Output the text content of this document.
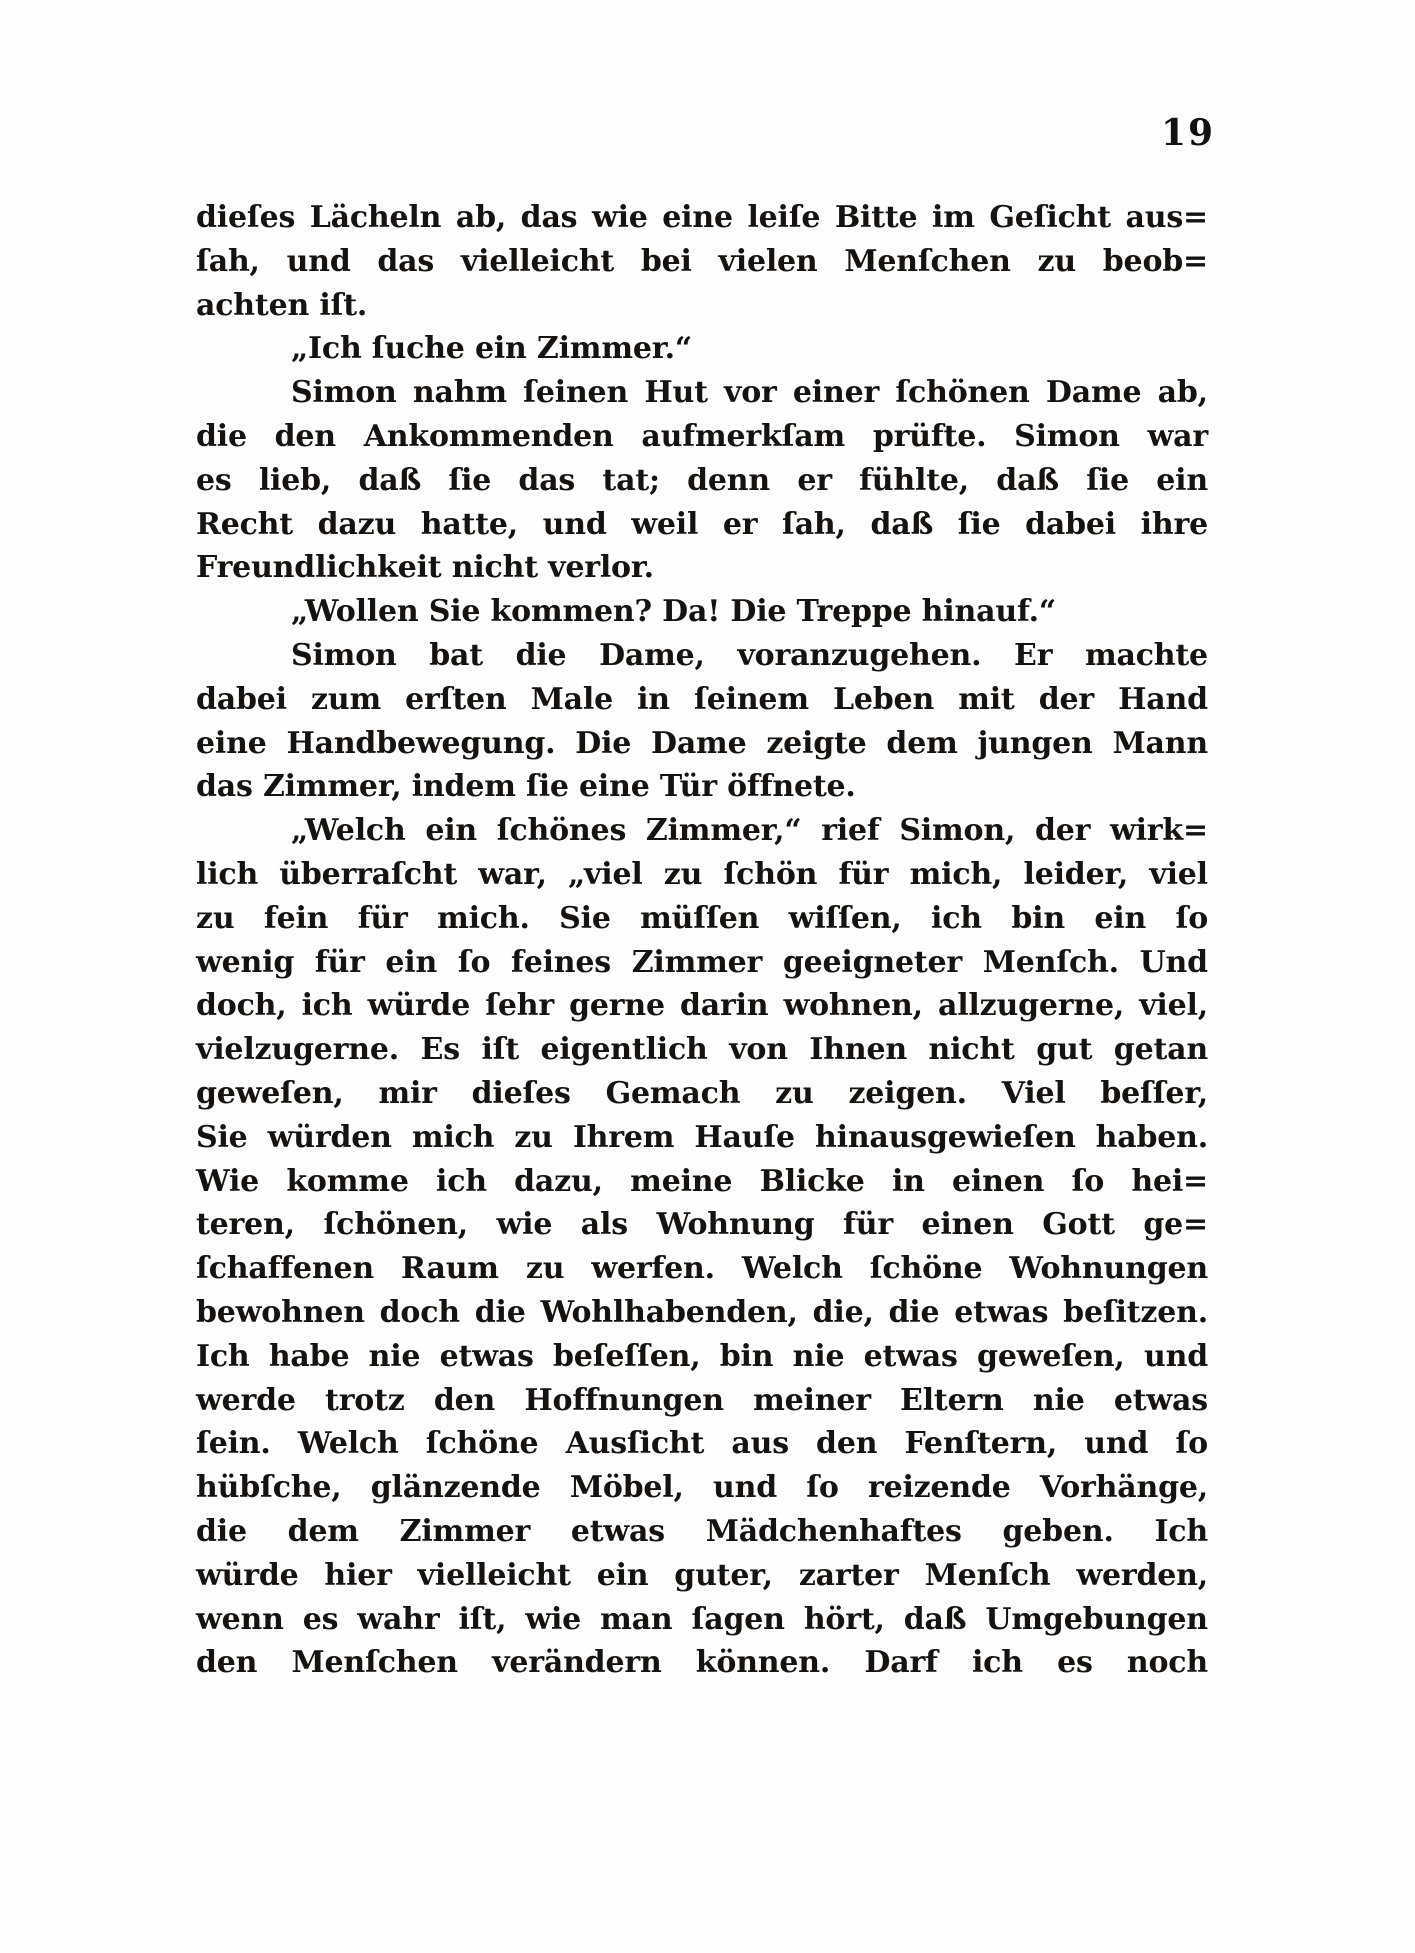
19
dieſes Lächeln ab, das wie eine leiſe Bitte im Geſicht aus=
ſah, und das vielleicht bei vielen Menſchen zu beob=
achten iſt.
„Ich ſuche ein Zimmer.“
Simon nahm ſeinen Hut vor einer ſchönen Dame ab,
die den Ankommenden aufmerkſam prüfte. Simon war
es lieb, daß ſie das tat; denn er fühlte, daß ſie ein
Recht dazu hatte, und weil er ſah, daß ſie dabei ihre
Freundlichkeit nicht verlor.
„Wollen Sie kommen? Da! Die Treppe hinauf.“
Simon bat die Dame, voranzugehen. Er machte
dabei zum erſten Male in ſeinem Leben mit der Hand
eine Handbewegung. Die Dame zeigte dem jungen Mann
das Zimmer, indem ſie eine Tür öffnete.
„Welch ein ſchönes Zimmer,“ rief Simon, der wirk=
lich überraſcht war, „viel zu ſchön für mich, leider, viel
zu fein für mich. Sie müſſen wiſſen, ich bin ein ſo
wenig für ein ſo feines Zimmer geeigneter Menſch. Und
doch, ich würde ſehr gerne darin wohnen, allzugerne, viel,
vielzugerne. Es iſt eigentlich von Ihnen nicht gut getan
geweſen, mir dieſes Gemach zu zeigen. Viel beſſer,
Sie würden mich zu Ihrem Hauſe hinausgewieſen haben.
Wie komme ich dazu, meine Blicke in einen ſo hei=
teren, ſchönen, wie als Wohnung für einen Gott ge=
ſchaffenen Raum zu werfen. Welch ſchöne Wohnungen
bewohnen doch die Wohlhabenden, die, die etwas beſitzen.
Ich habe nie etwas beſeſſen, bin nie etwas geweſen, und
werde trotz den Hoffnungen meiner Eltern nie etwas
ſein. Welch ſchöne Ausſicht aus den Fenſtern, und ſo
hübſche, glänzende Möbel, und ſo reizende Vorhänge,
die dem Zimmer etwas Mädchenhaftes geben. Ich
würde hier vielleicht ein guter, zarter Menſch werden,
wenn es wahr iſt, wie man ſagen hört, daß Umgebungen
den Menſchen verändern können. Darf ich es noch
